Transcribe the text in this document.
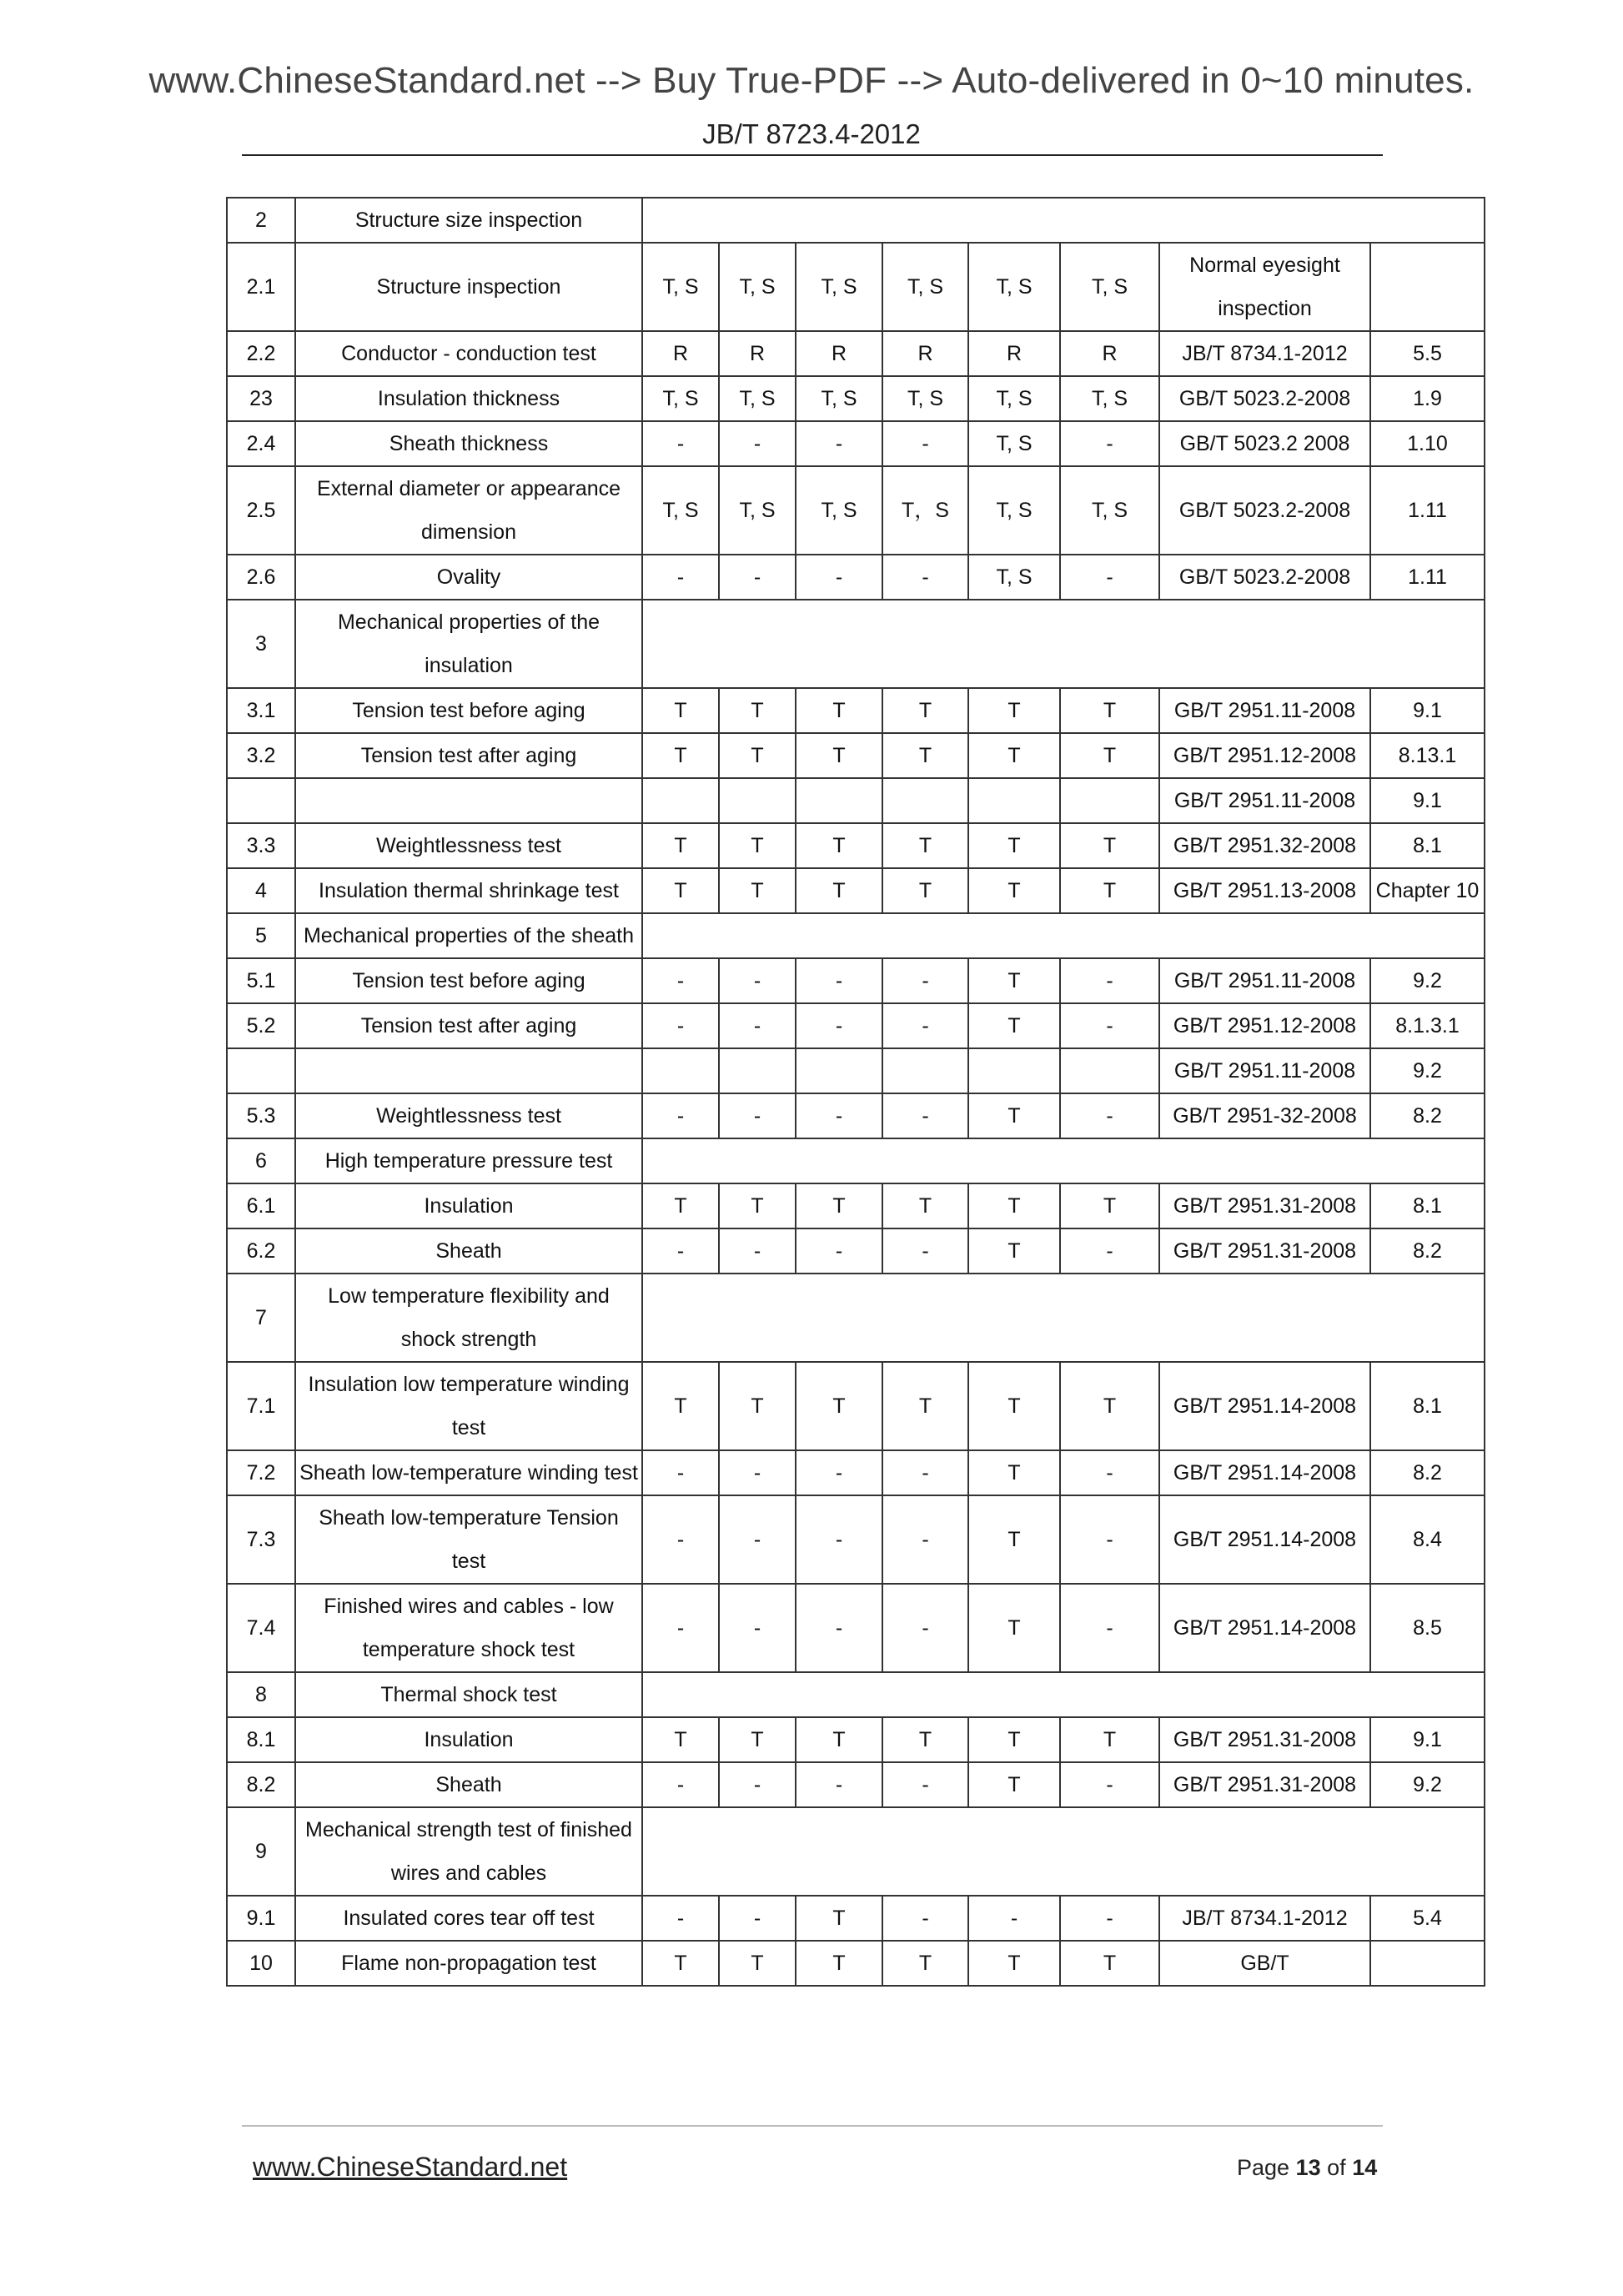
www.ChineseStandard.net --> Buy True-PDF --> Auto-delivered in 0~10 minutes.
JB/T 8723.4-2012
2	Structure size inspection								
2.1	Structure inspection	T, S	T, S	T, S	T, S	T, S	T, S	Normal eyesight inspection	
2.2	Conductor - conduction test	R	R	R	R	R	R	JB/T 8734.1-2012	5.5
23	Insulation thickness	T, S	T, S	T, S	T, S	T, S	T, S	GB/T 5023.2-2008	1.9
2.4	Sheath thickness	-	-	-	-	T, S	-	GB/T 5023.2 2008	1.10
2.5	External diameter or appearance dimension	T, S	T, S	T, S	T，S	T, S	T, S	GB/T 5023.2-2008	1.11
2.6	Ovality	-	-	-	-	T, S	-	GB/T 5023.2-2008	1.11
3	Mechanical properties of the insulation								
3.1	Tension test before aging	T	T	T	T	T	T	GB/T 2951.11-2008	9.1
3.2	Tension test after aging	T	T	T	T	T	T	GB/T 2951.12-2008	8.13.1
								GB/T 2951.11-2008	9.1
3.3	Weightlessness test	T	T	T	T	T	T	GB/T 2951.32-2008	8.1
4	Insulation thermal shrinkage test	T	T	T	T	T	T	GB/T 2951.13-2008	Chapter 10
5	Mechanical properties of the sheath								
5.1	Tension test before aging	-	-	-	-	T	-	GB/T 2951.11-2008	9.2
5.2	Tension test after aging	-	-	-	-	T	-	GB/T 2951.12-2008	8.1.3.1
								GB/T 2951.11-2008	9.2
5.3	Weightlessness test	-	-	-	-	T	-	GB/T 2951-32-2008	8.2
6	High temperature pressure test								
6.1	Insulation	T	T	T	T	T	T	GB/T 2951.31-2008	8.1
6.2	Sheath	-	-	-	-	T	-	GB/T 2951.31-2008	8.2
7	Low temperature flexibility and shock strength								
7.1	Insulation low temperature winding test	T	T	T	T	T	T	GB/T 2951.14-2008	8.1
7.2	Sheath low-temperature winding test	-	-	-	-	T	-	GB/T 2951.14-2008	8.2
7.3	Sheath low-temperature Tension test	-	-	-	-	T	-	GB/T 2951.14-2008	8.4
7.4	Finished wires and cables - low temperature shock test	-	-	-	-	T	-	GB/T 2951.14-2008	8.5
8	Thermal shock test								
8.1	Insulation	T	T	T	T	T	T	GB/T 2951.31-2008	9.1
8.2	Sheath	-	-	-	-	T	-	GB/T 2951.31-2008	9.2
9	Mechanical strength test of finished wires and cables								
9.1	Insulated cores tear off test	-	-	T	-	-	-	JB/T 8734.1-2012	5.4
10	Flame non-propagation test	T	T	T	T	T	T	GB/T	
www.ChineseStandard.net	Page 13 of 14
